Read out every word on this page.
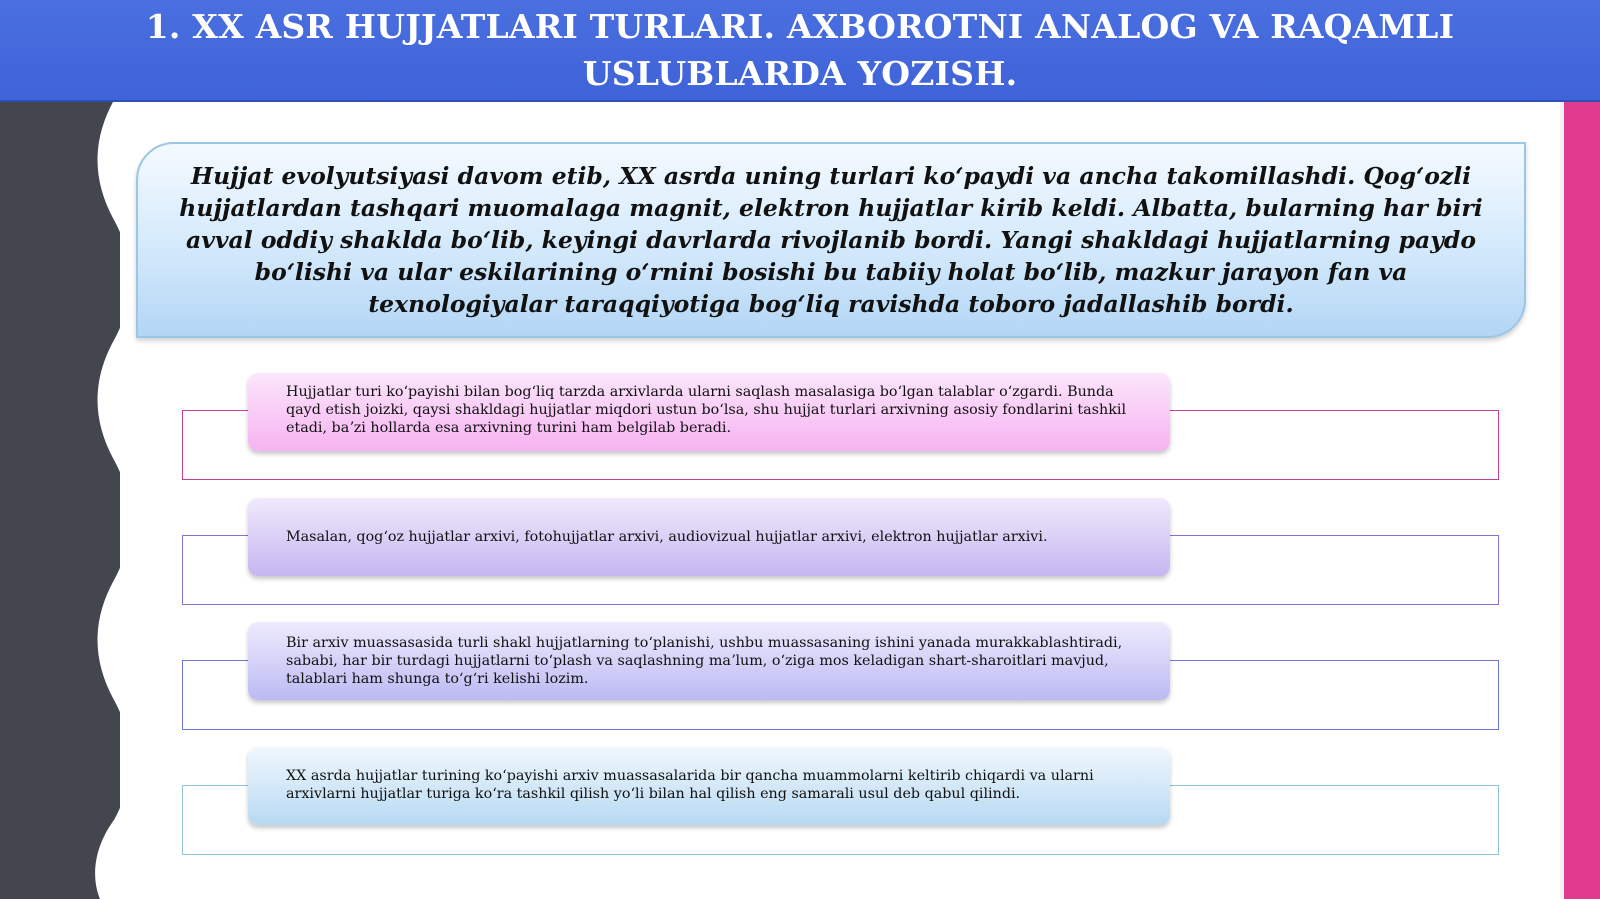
1. XX ASR HUJJATLARI TURLARI. AXBOROTNI ANALOG VA RAQAMLI USLUBLARDA YOZISH.

Hujjat evolyutsiyasi davom etib, XX asrda uning turlari koʻpaydi va ancha takomillashdi. Qogʻozli hujjatlardan tashqari muomalaga magnit, elektron hujjatlar kirib keldi. Albatta, bularning har biri avval oddiy shaklda boʻlib, keyingi davrlarda rivojlanib bordi. Yangi shakldagi hujjatlarning paydo boʻlishi va ular eskilarining oʻrnini bosishi bu tabiiy holat boʻlib, mazkur jarayon fan va texnologiyalar taraqqiyotiga bogʻliq ravishda toboro jadallashib bordi.

Hujjatlar turi koʻpayishi bilan bogʻliq tarzda arxivlarda ularni saqlash masalasiga boʻlgan talablar oʻzgardi. Bunda qayd etish joizki, qaysi shakldagi hujjatlar miqdori ustun boʻlsa, shu hujjat turlari arxivning asosiy fondlarini tashkil etadi, baʼzi hollarda esa arxivning turini ham belgilab beradi.

Masalan, qogʻoz hujjatlar arxivi, fotohujjatlar arxivi, audiovizual hujjatlar arxivi, elektron hujjatlar arxivi.

Bir arxiv muassasasida turli shakl hujjatlarning toʻplanishi, ushbu muassasaning ishini yanada murakkablashtiradi, sababi, har bir turdagi hujjatlarni toʻplash va saqlashning maʼlum, oʻziga mos keladigan shart-sharoitlari mavjud, talablari ham shunga toʻgʻri kelishi lozim.

XX asrda hujjatlar turining koʻpayishi arxiv muassasalarida bir qancha muammolarni keltirib chiqardi va ularni arxivlarni hujjatlar turiga koʻra tashkil qilish yoʻli bilan hal qilish eng samarali usul deb qabul qilindi.
